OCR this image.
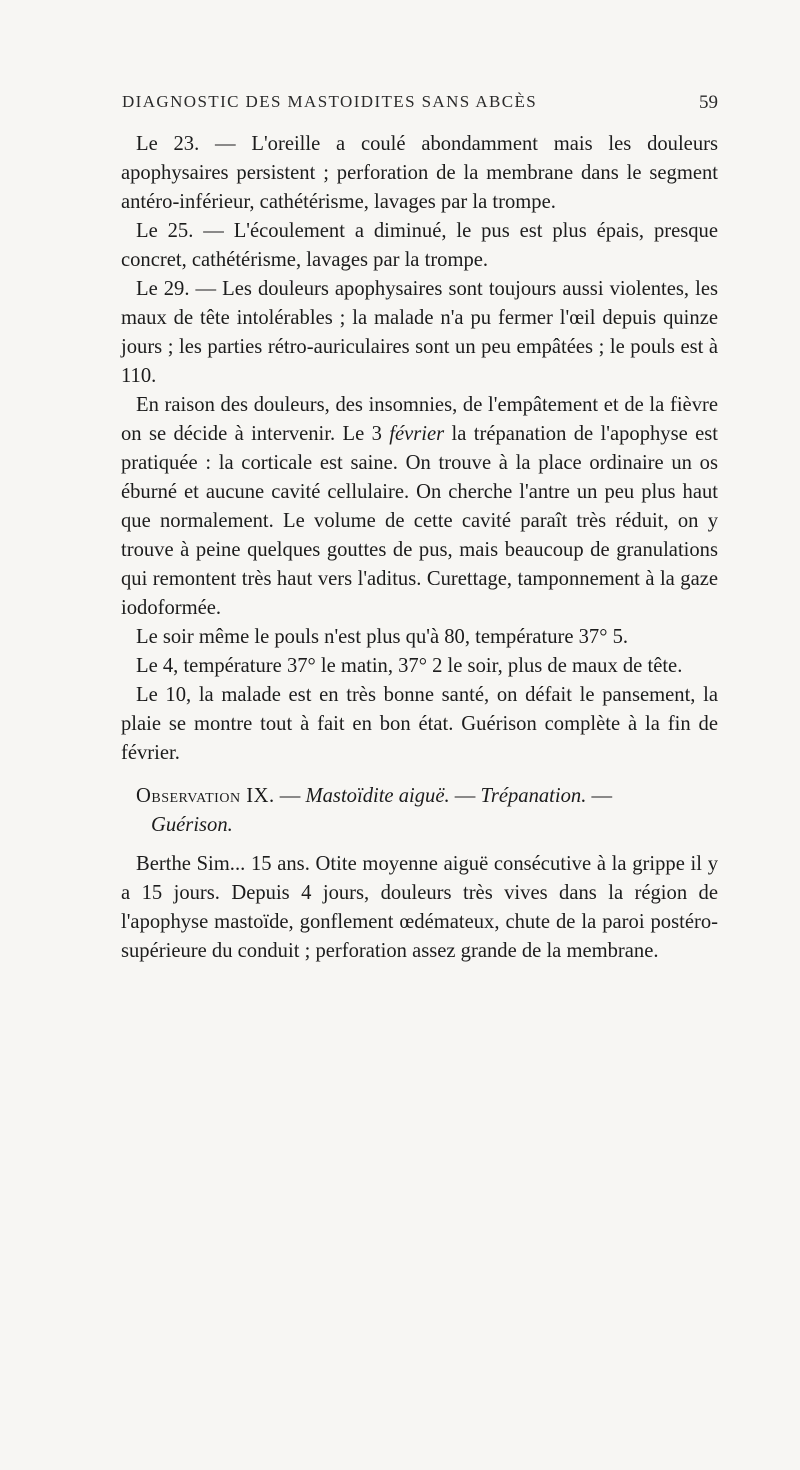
DIAGNOSTIC DES MASTOIDITES SANS ABCÈS	59

Le 23. — L'oreille a coulé abondamment mais les douleurs apophysaires persistent ; perforation de la membrane dans le segment antéro-inférieur, cathétérisme, lavages par la trompe.

Le 25. — L'écoulement a diminué, le pus est plus épais, presque concret, cathétérisme, lavages par la trompe.

Le 29. — Les douleurs apophysaires sont toujours aussi violentes, les maux de tête intolérables ; la malade n'a pu fermer l'œil depuis quinze jours ; les parties rétro-auriculaires sont un peu empâtées ; le pouls est à 110.

En raison des douleurs, des insomnies, de l'empâtement et de la fièvre on se décide à intervenir. Le 3 février la trépanation de l'apophyse est pratiquée : la corticale est saine. On trouve à la place ordinaire un os éburné et aucune cavité cellulaire. On cherche l'antre un peu plus haut que normalement. Le volume de cette cavité paraît très réduit, on y trouve à peine quelques gouttes de pus, mais beaucoup de granulations qui remontent très haut vers l'aditus. Curettage, tamponnement à la gaze iodoformée.

Le soir même le pouls n'est plus qu'à 80, température 37° 5.

Le 4, température 37° le matin, 37° 2 le soir, plus de maux de tête.

Le 10, la malade est en très bonne santé, on défait le pansement, la plaie se montre tout à fait en bon état. Guérison complète à la fin de février.

Observation IX. — Mastoïdite aiguë. — Trépanation. —
Guérison.

Berthe Sim... 15 ans. Otite moyenne aiguë consécutive à la grippe il y a 15 jours. Depuis 4 jours, douleurs très vives dans la région de l'apophyse mastoïde, gonflement œdémateux, chute de la paroi postéro-supérieure du conduit ; perforation assez grande de la membrane.
